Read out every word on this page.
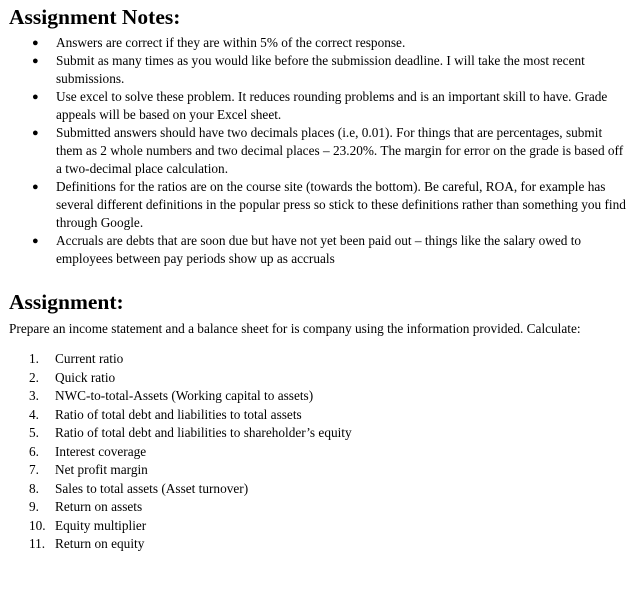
Assignment Notes:
● Answers are correct if they are within 5% of the correct response.
● Submit as many times as you would like before the submission deadline. I will take the most recent submissions.
● Use excel to solve these problem. It reduces rounding problems and is an important skill to have. Grade appeals will be based on your Excel sheet.
● Submitted answers should have two decimals places (i.e, 0.01). For things that are percentages, submit them as 2 whole numbers and two decimal places – 23.20%. The margin for error on the grade is based off a two-decimal place calculation.
● Definitions for the ratios are on the course site (towards the bottom). Be careful, ROA, for example has several different definitions in the popular press so stick to these definitions rather than something you find through Google.
● Accruals are debts that are soon due but have not yet been paid out – things like the salary owed to employees between pay periods show up as accruals
Assignment:

Prepare an income statement and a balance sheet for is company using the information provided. Calculate:

1.	Current ratio
2.	Quick ratio
3.	NWC-to-total-Assets (Working capital to assets)
4.	Ratio of total debt and liabilities to total assets
5.	Ratio of total debt and liabilities to shareholder’s equity
6.	Interest coverage
7.	Net profit margin
8.	Sales to total assets (Asset turnover)
9.	Return on assets
10. Equity multiplier
11. Return on equity
